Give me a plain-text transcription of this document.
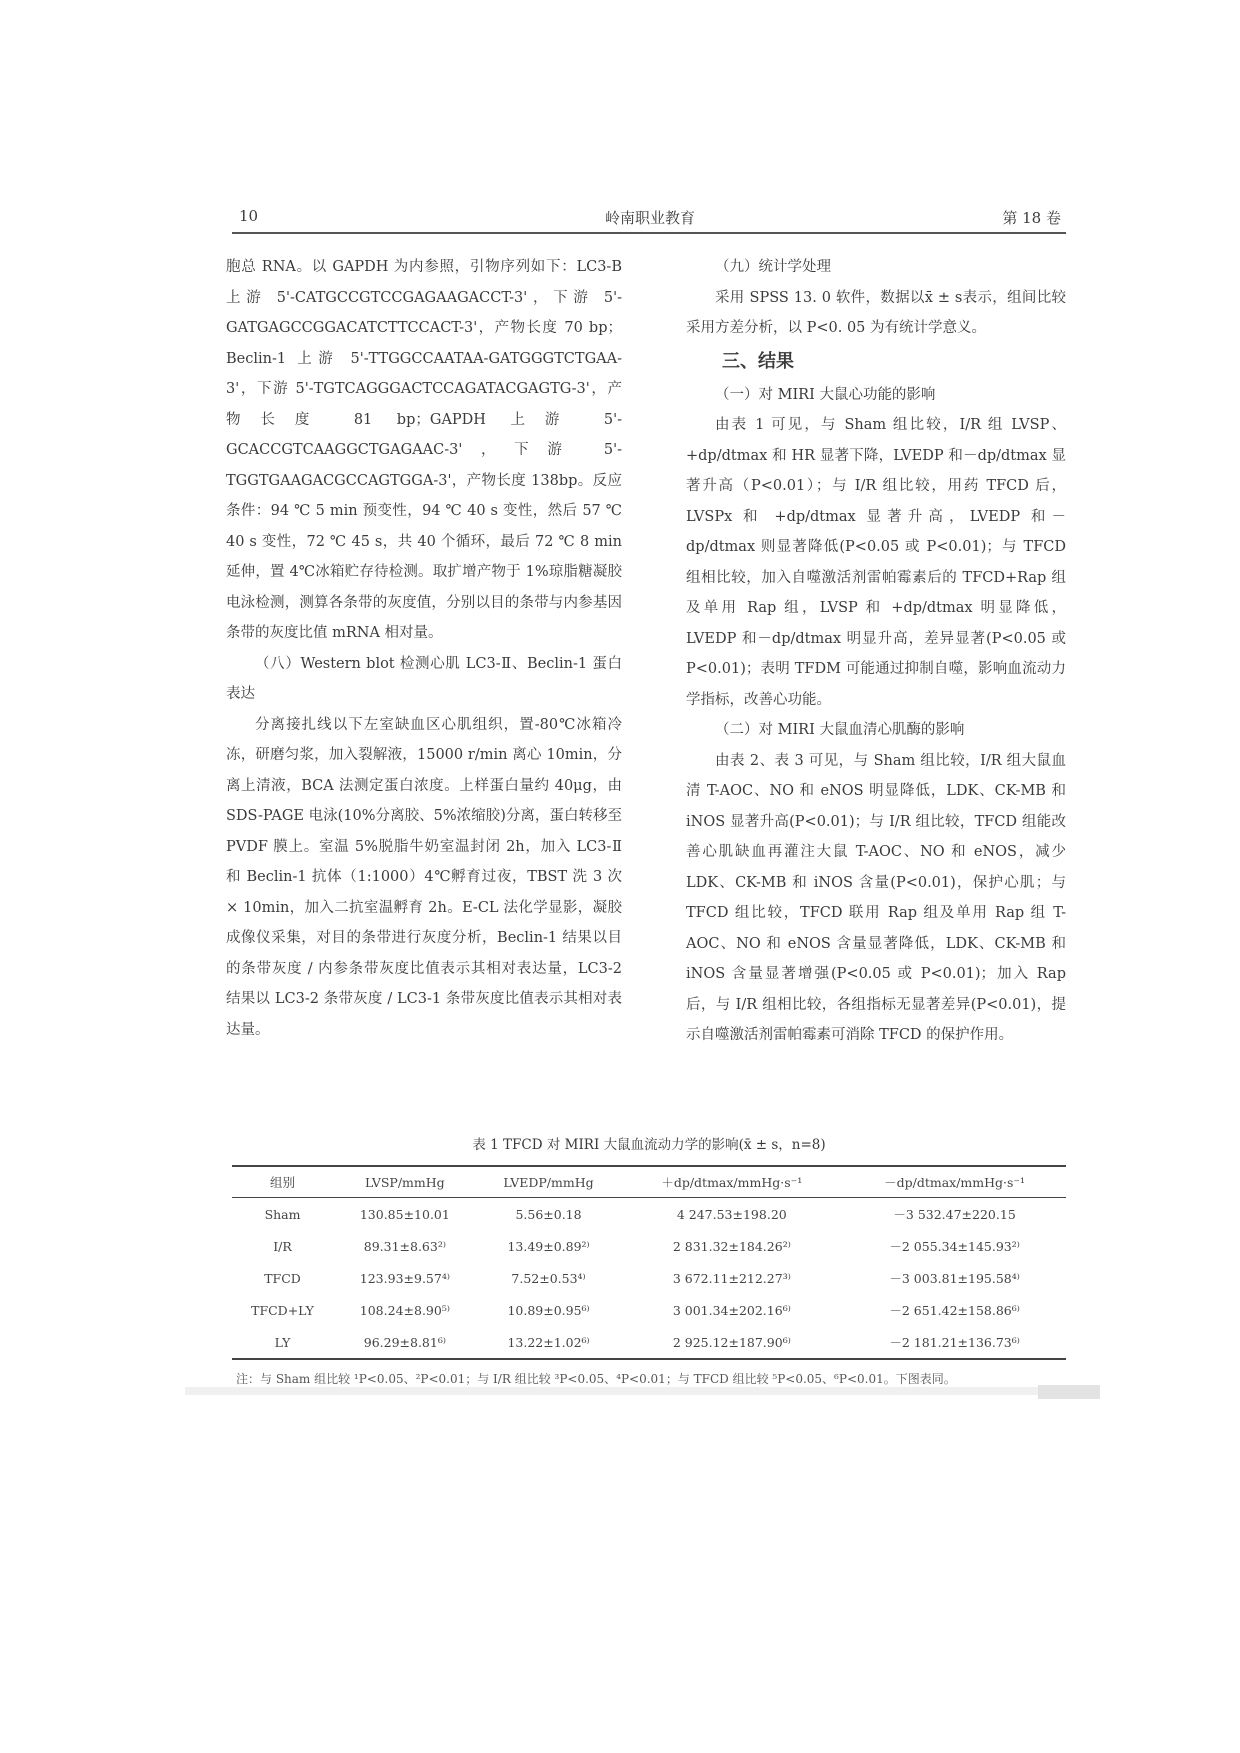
10	岭南职业教育	第 18 卷

胞总 RNA。以 GAPDH 为内参照，引物序列如下：LC3-B 上游 5'-CATGCCGTCCGAGAAGACCT-3'，下游 5'-GATGAGCCGGACATCTTCCACT-3'，产物长度 70 bp；Beclin-1 上游 5'-TTGGCCAATAA-GATGGGTCTGAA-3'，下游 5'-TGTCAGGGACTCCAGATACGAGTG-3'，产物长度 81 bp；GAPDH 上游 5'-GCACCGTCAAGGCTGAGAAC-3'，下游 5'-TGGTGAAGACGCCAGTGGA-3'，产物长度 138bp。反应条件：94 ℃ 5 min 预变性，94 ℃ 40 s 变性，然后 57 ℃ 40 s 变性，72 ℃ 45 s，共 40 个循环，最后 72 ℃ 8 min 延伸，置 4℃冰箱贮存待检测。取扩增产物于 1%琼脂糖凝胶电泳检测，测算各条带的灰度值，分别以目的条带与内参基因条带的灰度比值 mRNA 相对量。

（八）Western blot 检测心肌 LC3-Ⅱ、Beclin-1 蛋白表达

分离接扎线以下左室缺血区心肌组织，置-80℃冰箱冷冻，研磨匀浆，加入裂解液，15000 r/min 离心 10min，分离上清液，BCA 法测定蛋白浓度。上样蛋白量约 40μg，由 SDS-PAGE 电泳(10%分离胶、5%浓缩胶)分离，蛋白转移至 PVDF 膜上。室温 5%脱脂牛奶室温封闭 2h，加入 LC3-Ⅱ 和 Beclin-1 抗体（1:1000）4℃孵育过夜，TBST 洗 3 次 × 10min，加入二抗室温孵育 2h。E-CL 法化学显影，凝胶成像仪采集，对目的条带进行灰度分析，Beclin-1 结果以目的条带灰度 / 内参条带灰度比值表示其相对表达量，LC3-2 结果以 LC3-2 条带灰度 / LC3-1 条带灰度比值表示其相对表达量。

（九）统计学处理

采用 SPSS 13. 0 软件，数据以x̄ ± s表示，组间比较采用方差分析，以 P<0. 05 为有统计学意义。

三、结果

（一）对 MIRI 大鼠心功能的影响

由表 1 可见，与 Sham 组比较，I/R 组 LVSP、+dp/dtmax 和 HR 显著下降，LVEDP 和－dp/dtmax 显著升高（P<0.01）；与 I/R 组比较，用药 TFCD 后，LVSPx 和 +dp/dtmax 显著升高，LVEDP 和－dp/dtmax 则显著降低(P<0.05 或 P<0.01)；与 TFCD 组相比较，加入自噬激活剂雷帕霉素后的 TFCD+Rap 组及单用 Rap 组，LVSP 和 +dp/dtmax 明显降低，LVEDP 和－dp/dtmax 明显升高，差异显著(P<0.05 或 P<0.01)；表明 TFDM 可能通过抑制自噬，影响血流动力学指标，改善心功能。

（二）对 MIRI 大鼠血清心肌酶的影响

由表 2、表 3 可见，与 Sham 组比较，I/R 组大鼠血清 T-AOC、NO 和 eNOS 明显降低，LDK、CK-MB 和 iNOS 显著升高(P<0.01)；与 I/R 组比较，TFCD 组能改善心肌缺血再灌注大鼠 T-AOC、NO 和 eNOS，减少 LDK、CK-MB 和 iNOS 含量(P<0.01)，保护心肌；与 TFCD 组比较，TFCD 联用 Rap 组及单用 Rap 组 T-AOC、NO 和 eNOS 含量显著降低，LDK、CK-MB 和 iNOS 含量显著增强(P<0.05 或 P<0.01)；加入 Rap 后，与 I/R 组相比较，各组指标无显著差异(P<0.01)，提示自噬激活剂雷帕霉素可消除 TFCD 的保护作用。

表 1 TFCD 对 MIRI 大鼠血流动力学的影响(x̄ ± s，n=8)
组别	LVSP/mmHg	LVEDP/mmHg	＋dp/dtmax/mmHg·s⁻¹	－dp/dtmax/mmHg·s⁻¹
Sham	130.85±10.01	5.56±0.18	4 247.53±198.20	－3 532.47±220.15
I/R	89.31±8.63²⁾	13.49±0.89²⁾	2 831.32±184.26²⁾	－2 055.34±145.93²⁾
TFCD	123.93±9.57⁴⁾	7.52±0.53⁴⁾	3 672.11±212.27³⁾	－3 003.81±195.58⁴⁾
TFCD+LY	108.24±8.90⁵⁾	10.89±0.95⁶⁾	3 001.34±202.16⁶⁾	－2 651.42±158.86⁶⁾
LY	96.29±8.81⁶⁾	13.22±1.02⁶⁾	2 925.12±187.90⁶⁾	－2 181.21±136.73⁶⁾
注：与 Sham 组比较 ¹P<0.05、²P<0.01；与 I/R 组比较 ³P<0.05、⁴P<0.01；与 TFCD 组比较 ⁵P<0.05、⁶P<0.01。下图表同。
